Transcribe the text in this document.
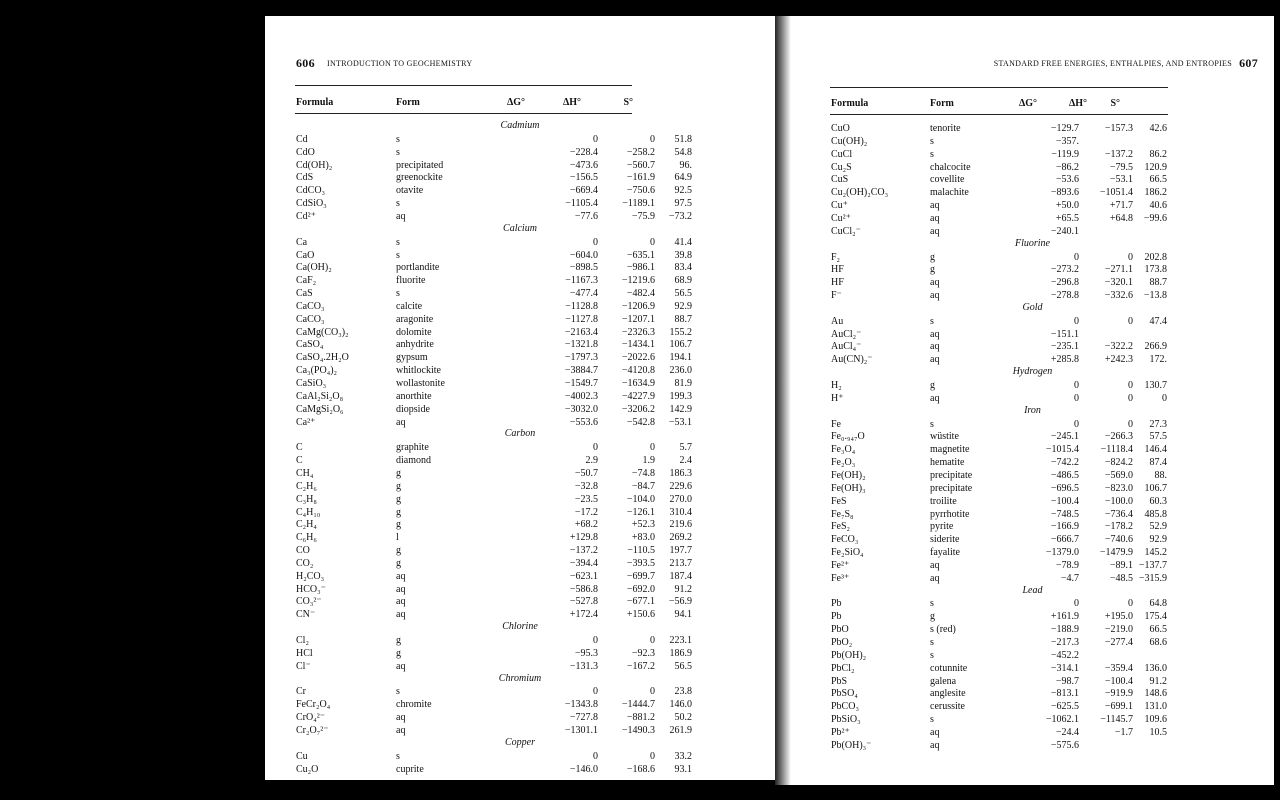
606 INTRODUCTION TO GEOCHEMISTRY
Formula	Form	ΔG°	ΔH°	S°
Cadmium
Cd	s	0	0 51.8
CdO	s	−228.4	−258.2 54.8
Cd(OH)₂	precipitated	−473.6	−560.7 96.
CdS	greenockite	−156.5	−161.9 64.9
CdCO₃	otavite	−669.4	−750.6 92.5
CdSiO₃	s	−1105.4 −1189.1 97.5
Cd²⁺	aq	−77.6	−75.9 −73.2
Calcium
Ca	s	0	0 41.4
CaO	s	−604.0	−635.1 39.8
Ca(OH)₂	portlandite	−898.5	−986.1 83.4
CaF₂	fluorite	−1167.3 −1219.6 68.9
CaS	s	−477.4	−482.4 56.5
CaCO₃	calcite	−1128.8 −1206.9 92.9
CaCO₃	aragonite	−1127.8 −1207.1 88.7
CaMg(CO₃)₂	dolomite	−2163.4 −2326.3 155.2
CaSO₄	anhydrite	−1321.8 −1434.1 106.7
CaSO₄.2H₂O	gypsum	−1797.3 −2022.6 194.1
Ca₃(PO₄)₂	whitlockite	−3884.7 −4120.8 236.0
CaSiO₃	wollastonite	−1549.7 −1634.9 81.9
CaAl₂Si₂O₈	anorthite	−4002.3 −4227.9 199.3
CaMgSi₂O₆	diopside	−3032.0 −3206.2 142.9
Ca²⁺	aq	−553.6	−542.8 −53.1
Carbon
C	graphite	0	0 5.7
C	diamond	2.9	1.9 2.4
CH₄	g	−50.7	−74.8 186.3
C₂H₆	g	−32.8	−84.7 229.6
C₃H₈	g	−23.5	−104.0 270.0
C₄H₁₀	g	−17.2	−126.1 310.4
C₂H₄	g	+68.2	+52.3 219.6
C₆H₆	l	+129.8	+83.0 269.2
CO	g	−137.2	−110.5 197.7
CO₂	g	−394.4	−393.5 213.7
H₂CO₃	aq	−623.1	−699.7 187.4
HCO₃⁻	aq	−586.8	−692.0 91.2
CO₃²⁻	aq	−527.8	−677.1 −56.9
CN⁻	aq	+172.4	+150.6 94.1
Chlorine
Cl₂	g	0	0 223.1
HCl	g	−95.3	−92.3 186.9
Cl⁻	aq	−131.3	−167.2 56.5
Chromium
Cr	s	0	0 23.8
FeCr₂O₄	chromite	−1343.8 −1444.7 146.0
CrO₄²⁻	aq	−727.8	−881.2 50.2
Cr₂O₇²⁻	aq	−1301.1 −1490.3 261.9
Copper
Cu	s	0	0 33.2
Cu₂O	cuprite	−146.0	−168.6 93.1
STANDARD FREE ENERGIES, ENTHALPIES, AND ENTROPIES 607
Formula	Form	ΔG°	ΔH° S°
CuO	tenorite	−129.7	−157.3 42.6
Cu(OH)₂	s	−357.
CuCl	s	−119.9	−137.2 86.2
Cu₂S	chalcocite	−86.2	−79.5 120.9
CuS	covellite	−53.6	−53.1 66.5
Cu₂(OH)₂CO₃	malachite	−893.6 −1051.4 186.2
Cu⁺	aq	+50.0	+71.7 40.6
Cu²⁺	aq	+65.5	+64.8 −99.6
CuCl₂⁻	aq	−240.1
Fluorine
F₂	g	0	0 202.8
HF	g	−273.2	−271.1 173.8
HF	aq	−296.8	−320.1 88.7
F⁻	aq	−278.8	−332.6 −13.8
Gold
Au	s	0	0 47.4
AuCl₂⁻	aq	−151.1
AuCl₄⁻	aq	−235.1	−322.2 266.9
Au(CN)₂⁻	aq	+285.8	+242.3 172.
Hydrogen
H₂	g	0	0 130.7
H⁺	aq	0	0	0
Iron
Fe	s	0	0 27.3
Fe₀.₉₄₇O	wüstite	−245.1	−266.3 57.5
Fe₃O₄	magnetite	−1015.4 −1118.4 146.4
Fe₂O₃	hematite	−742.2	−824.2 87.4
Fe(OH)₂	precipitate	−486.5	−569.0 88.
Fe(OH)₃	precipitate	−696.5	−823.0 106.7
FeS	troilite	−100.4	−100.0 60.3
Fe₇S₈	pyrrhotite	−748.5	−736.4 485.8
FeS₂	pyrite	−166.9	−178.2 52.9
FeCO₃	siderite	−666.7	−740.6 92.9
Fe₂SiO₄	fayalite	−1379.0 −1479.9 145.2
Fe²⁺	aq	−78.9	−89.1 −137.7
Fe³⁺	aq	−4.7	−48.5 −315.9
Lead
Pb	s	0	0 64.8
Pb	g	+161.9	+195.0 175.4
PbO	s (red)	−188.9	−219.0 66.5
PbO₂	s	−217.3	−277.4 68.6
Pb(OH)₂	s	−452.2
PbCl₂	cotunnite	−314.1	−359.4 136.0
PbS	galena	−98.7	−100.4 91.2
PbSO₄	anglesite	−813.1	−919.9 148.6
PbCO₃	cerussite	−625.5	−699.1 131.0
PbSiO₃	s	−1062.1 −1145.7 109.6
Pb²⁺	aq	−24.4	−1.7 10.5
Pb(OH)₃⁻	aq	−575.6
